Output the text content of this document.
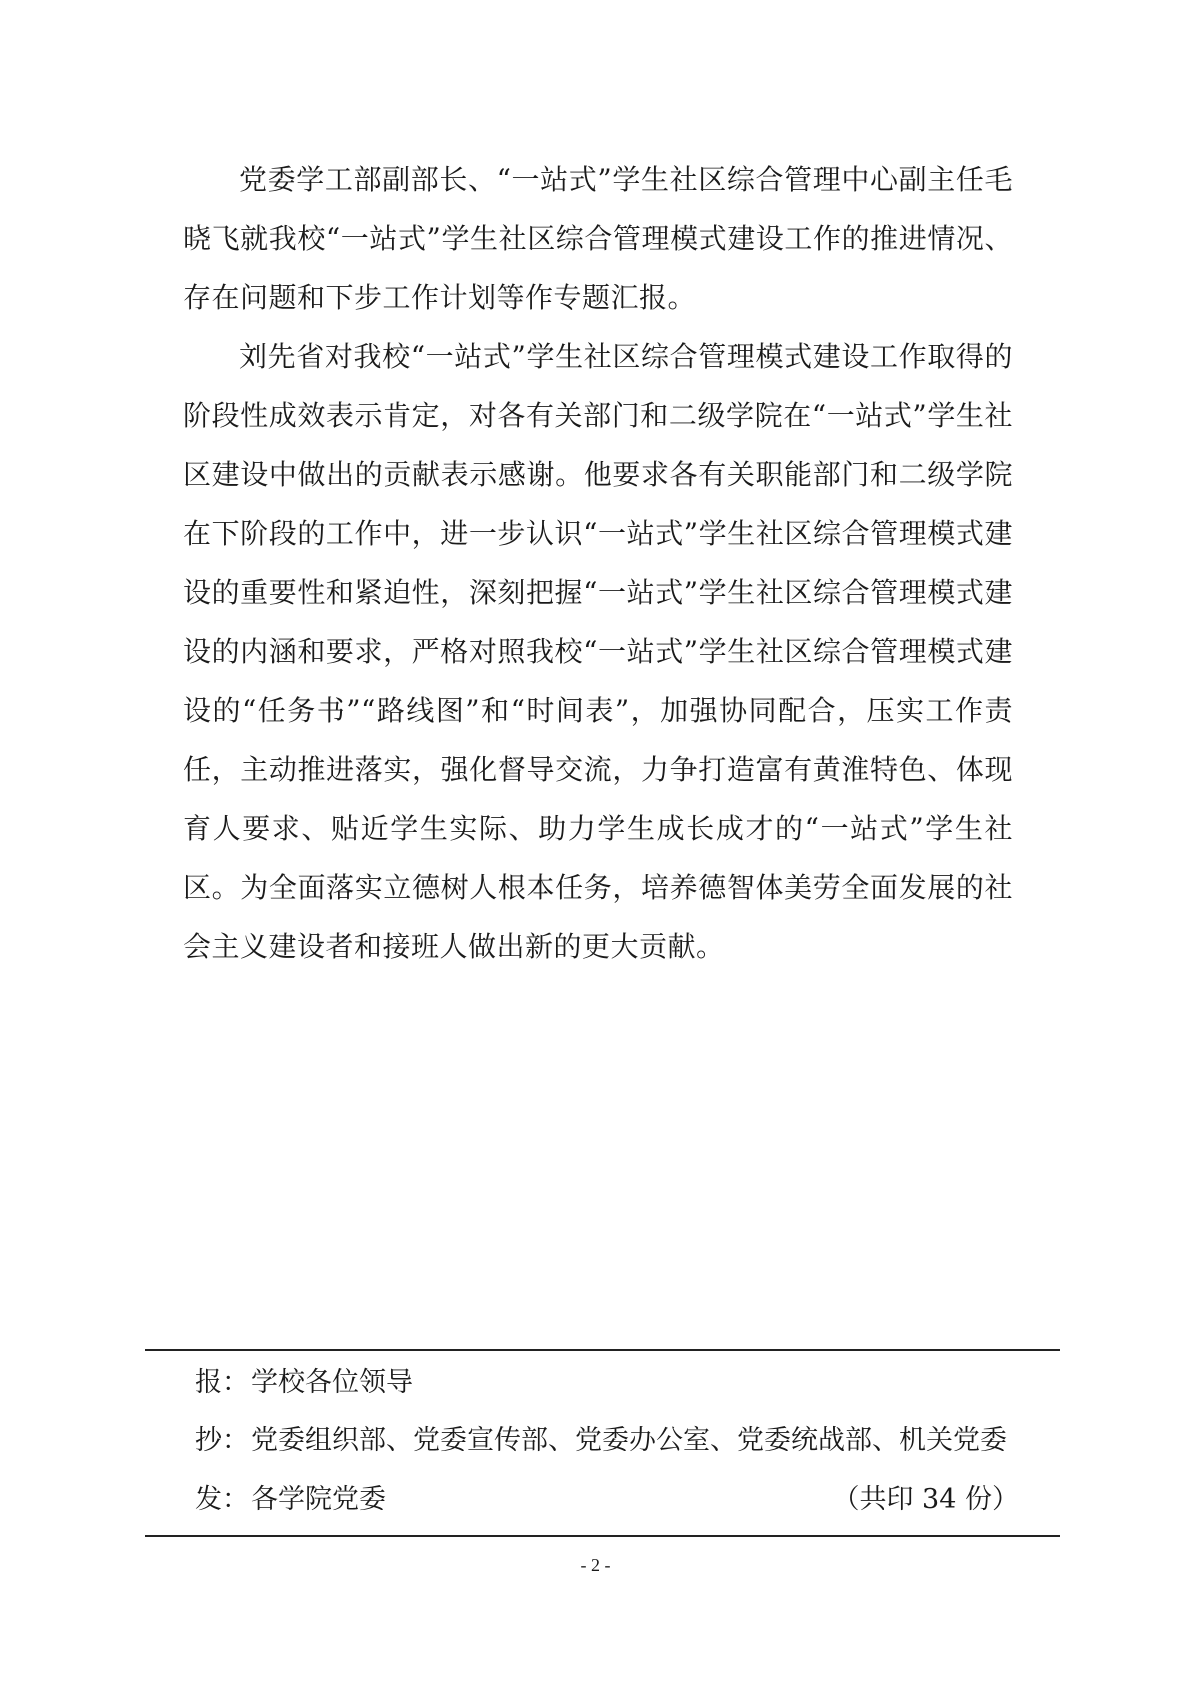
党委学工部副部长、“一站式”学生社区综合管理中心副主任毛晓飞就我校“一站式”学生社区综合管理模式建设工作的推进情况、存在问题和下步工作计划等作专题汇报。

刘先省对我校“一站式”学生社区综合管理模式建设工作取得的阶段性成效表示肯定，对各有关部门和二级学院在“一站式”学生社区建设中做出的贡献表示感谢。他要求各有关职能部门和二级学院在下阶段的工作中，进一步认识“一站式”学生社区综合管理模式建设的重要性和紧迫性，深刻把握“一站式”学生社区综合管理模式建设的内涵和要求，严格对照我校“一站式”学生社区综合管理模式建设的“任务书”“路线图”和“时间表”，加强协同配合，压实工作责任，主动推进落实，强化督导交流，力争打造富有黄淮特色、体现育人要求、贴近学生实际、助力学生成长成才的“一站式”学生社区。为全面落实立德树人根本任务，培养德智体美劳全面发展的社会主义建设者和接班人做出新的更大贡献。

报：学校各位领导
抄：党委组织部、党委宣传部、党委办公室、党委统战部、机关党委
发：各学院党委	（共印 34 份）
- 2 -
